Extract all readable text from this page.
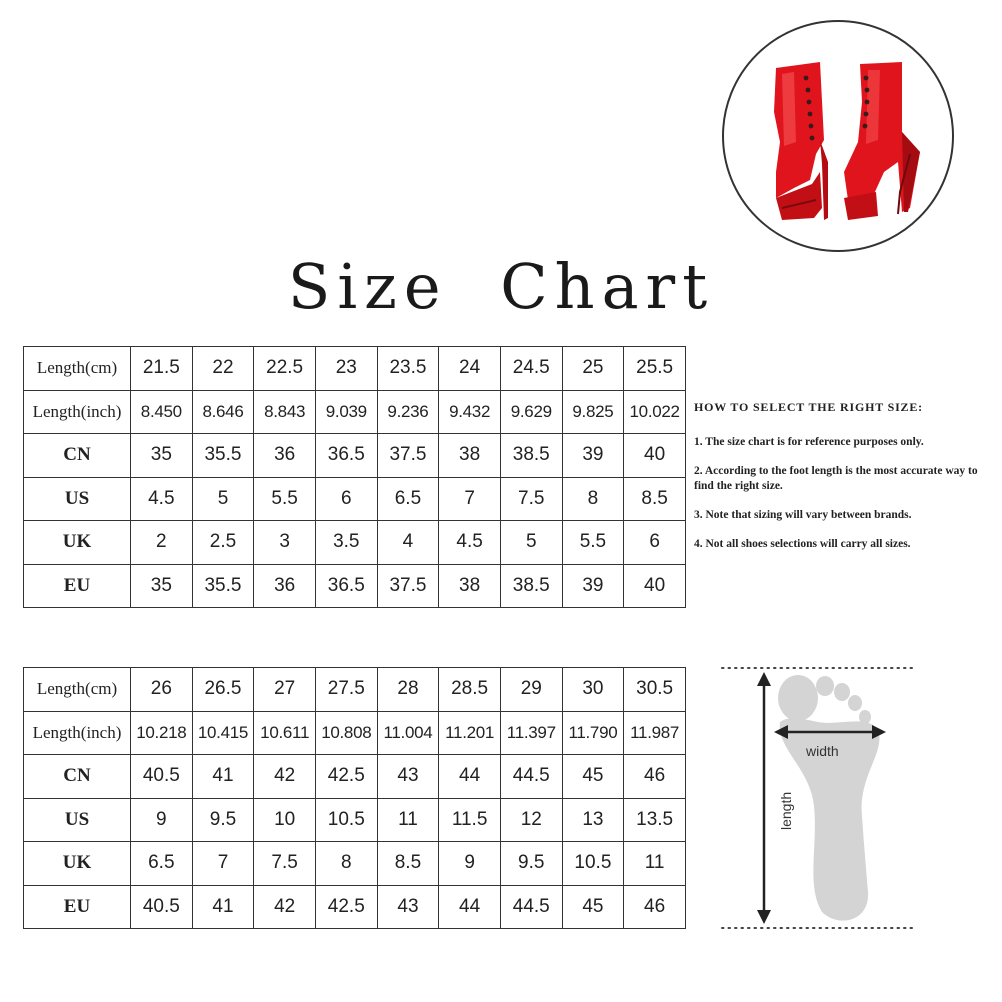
Size Chart
Length(cm)	21.5	22	22.5	23	23.5	24	24.5	25	25.5
Length(inch)	8.450	8.646	8.843	9.039	9.236	9.432	9.629	9.825	10.022
CN	35	35.5	36	36.5	37.5	38	38.5	39	40
US	4.5	5	5.5	6	6.5	7	7.5	8	8.5
UK	2	2.5	3	3.5	4	4.5	5	5.5	6
EU	35	35.5	36	36.5	37.5	38	38.5	39	40
HOW TO SELECT THE RIGHT SIZE:
1. The size chart is for reference purposes only.
2. According to the foot length is the most accurate way to find the right size.
3. Note that sizing will vary between brands.
4. Not all shoes selections will carry all sizes.
Length(cm)	26	26.5	27	27.5	28	28.5	29	30	30.5
Length(inch)	10.218	10.415	10.611	10.808	11.004	11.201	11.397	11.790	11.987
CN	40.5	41	42	42.5	43	44	44.5	45	46
US	9	9.5	10	10.5	11	11.5	12	13	13.5
UK	6.5	7	7.5	8	8.5	9	9.5	10.5	11
EU	40.5	41	42	42.5	43	44	44.5	45	46
width
length
